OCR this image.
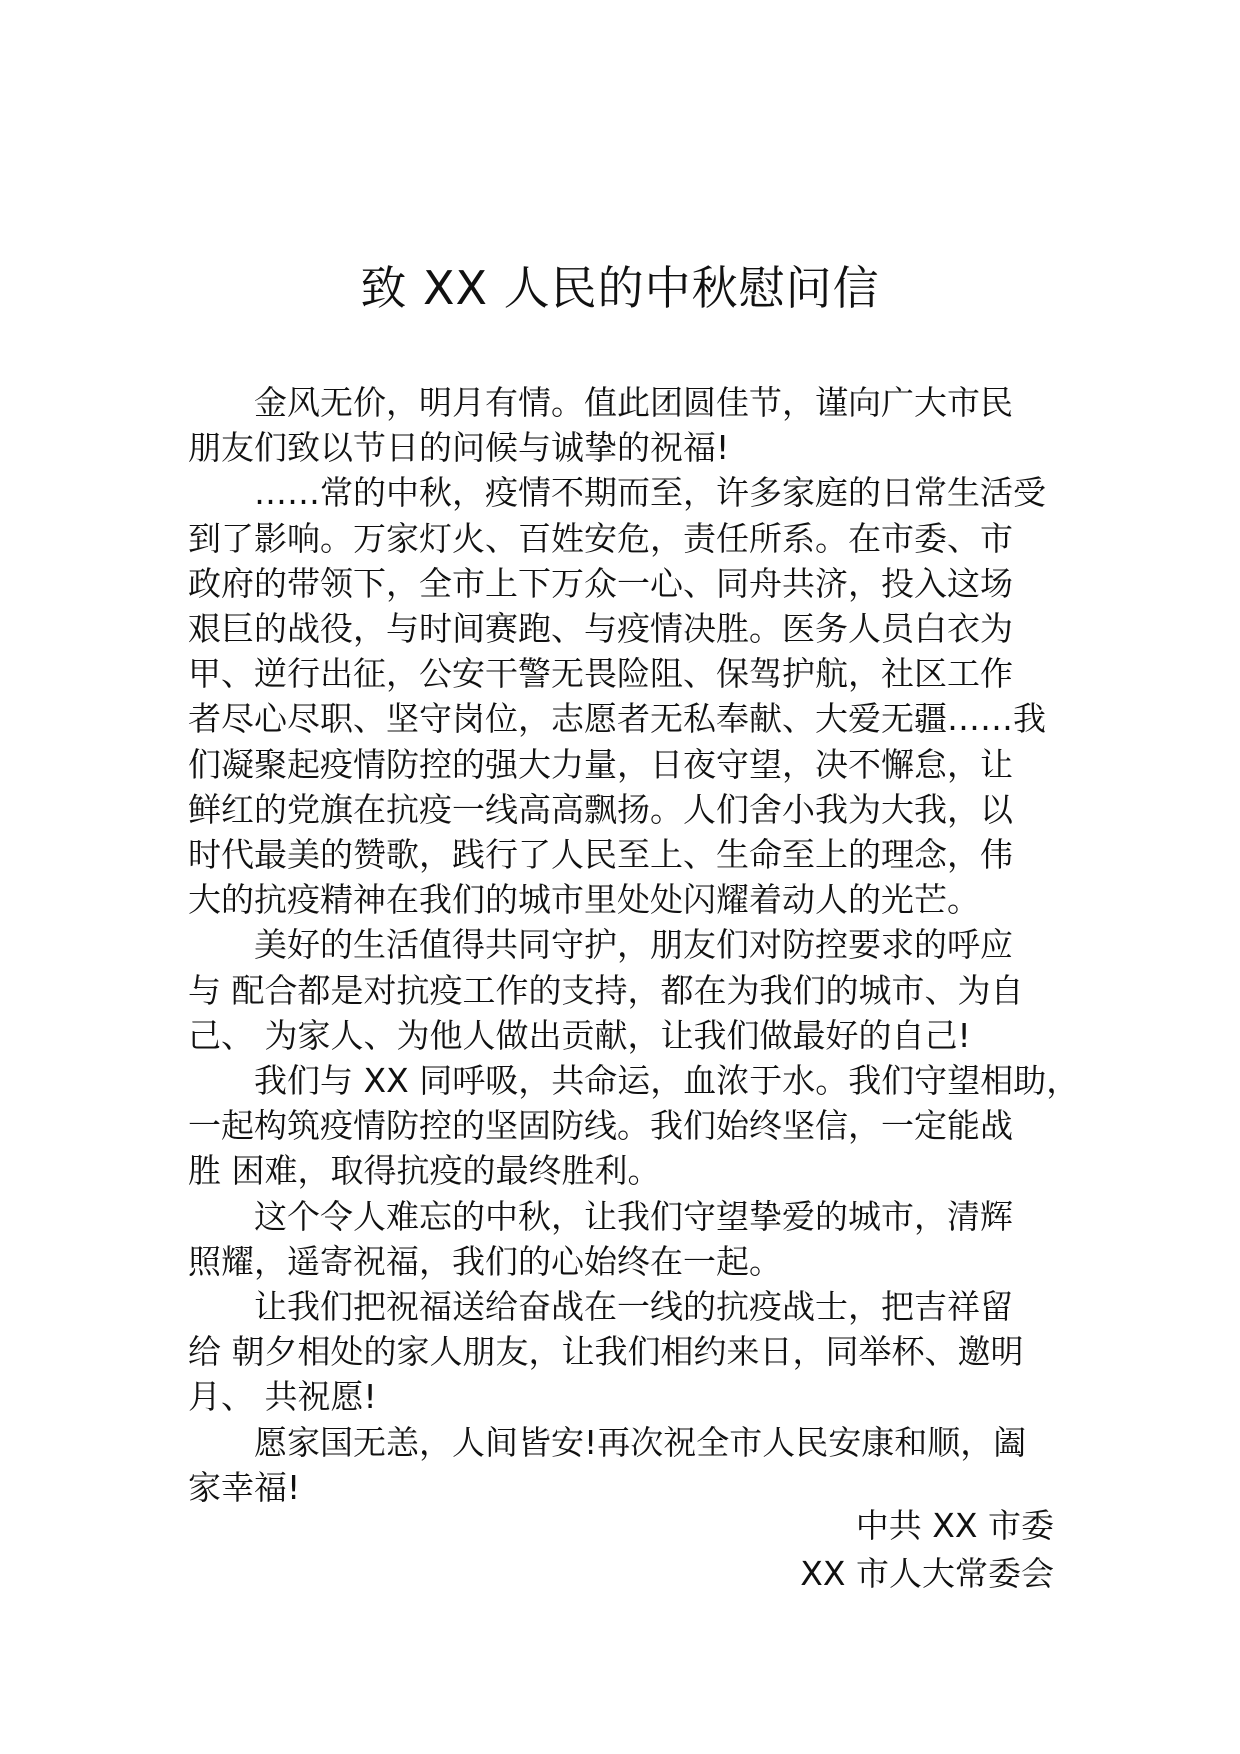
致 XX 人民的中秋慰问信

金风无价，明月有情。值此团圆佳节，谨向广大市民
朋友们致以节日的问候与诚挚的祝福!

……常的中秋，疫情不期而至，许多家庭的日常生活受
到了影响。万家灯火、百姓安危，责任所系。在市委、市
政府的带领下，全市上下万众一心、同舟共济，投入这场
艰巨的战役，与时间赛跑、与疫情决胜。医务人员白衣为
甲、逆行出征，公安干警无畏险阻、保驾护航，社区工作
者尽心尽职、坚守岗位，志愿者无私奉献、大爱无疆……我
们凝聚起疫情防控的强大力量，日夜守望，决不懈怠，让
鲜红的党旗在抗疫一线高高飘扬。人们舍小我为大我，以
时代最美的赞歌，践行了人民至上、生命至上的理念，伟
大的抗疫精神在我们的城市里处处闪耀着动人的光芒。

美好的生活值得共同守护，朋友们对防控要求的呼应
与 配合都是对抗疫工作的支持，都在为我们的城市、为自
己、 为家人、为他人做出贡献，让我们做最好的自己!

我们与 XX 同呼吸，共命运，血浓于水。我们守望相助，
一起构筑疫情防控的坚固防线。我们始终坚信，一定能战
胜 困难，取得抗疫的最终胜利。

这个令人难忘的中秋，让我们守望挚爱的城市，清辉
照耀，遥寄祝福，我们的心始终在一起。

让我们把祝福送给奋战在一线的抗疫战士，把吉祥留
给 朝夕相处的家人朋友，让我们相约来日，同举杯、邀明
月、 共祝愿!

愿家国无恙，人间皆安!再次祝全市人民安康和顺，阖
家幸福!

中共 XX 市委
XX 市人大常委会
